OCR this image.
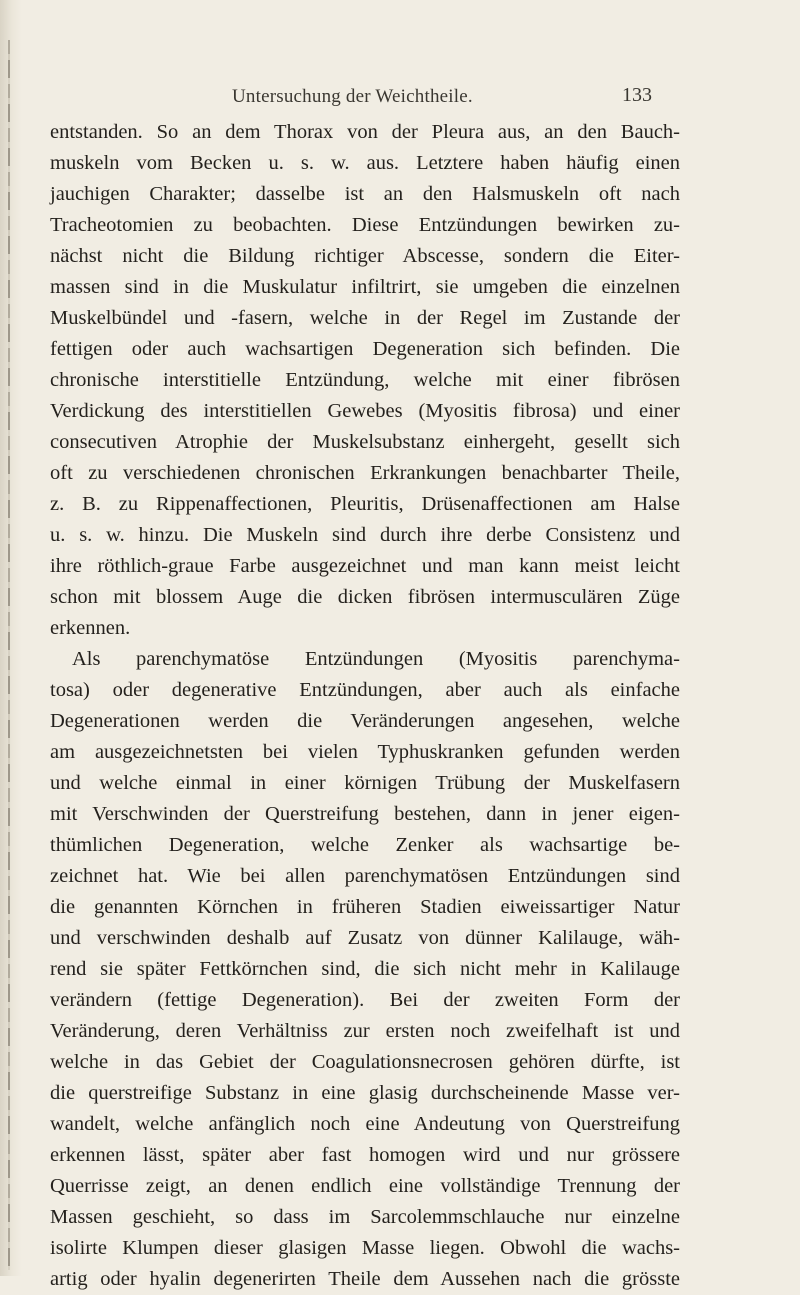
Untersuchung der Weichtheile.	133
entstanden. So an dem Thorax von der Pleura aus, an den Bauch-
muskeln vom Becken u. s. w. aus. Letztere haben häufig einen
jauchigen Charakter; dasselbe ist an den Halsmuskeln oft nach
Tracheotomien zu beobachten. Diese Entzündungen bewirken zu-
nächst nicht die Bildung richtiger Abscesse, sondern die Eiter-
massen sind in die Muskulatur infiltrirt, sie umgeben die einzelnen
Muskelbündel und -fasern, welche in der Regel im Zustande der
fettigen oder auch wachsartigen Degeneration sich befinden. Die
chronische interstitielle Entzündung, welche mit einer fibrösen
Verdickung des interstitiellen Gewebes (Myositis fibrosa) und einer
consecutiven Atrophie der Muskelsubstanz einhergeht, gesellt sich
oft zu verschiedenen chronischen Erkrankungen benachbarter Theile,
z. B. zu Rippenaffectionen, Pleuritis, Drüsenaffectionen am Halse
u. s. w. hinzu. Die Muskeln sind durch ihre derbe Consistenz und
ihre röthlich-graue Farbe ausgezeichnet und man kann meist leicht
schon mit blossem Auge die dicken fibrösen intermusculären Züge
erkennen.
Als parenchymatöse Entzündungen (Myositis parenchyma-
tosa) oder degenerative Entzündungen, aber auch als einfache
Degenerationen werden die Veränderungen angesehen, welche
am ausgezeichnetsten bei vielen Typhuskranken gefunden werden
und welche einmal in einer körnigen Trübung der Muskelfasern
mit Verschwinden der Querstreifung bestehen, dann in jener eigen-
thümlichen Degeneration, welche Zenker als wachsartige be-
zeichnet hat. Wie bei allen parenchymatösen Entzündungen sind
die genannten Körnchen in früheren Stadien eiweissartiger Natur
und verschwinden deshalb auf Zusatz von dünner Kalilauge, wäh-
rend sie später Fettkörnchen sind, die sich nicht mehr in Kalilauge
verändern (fettige Degeneration). Bei der zweiten Form der
Veränderung, deren Verhältniss zur ersten noch zweifelhaft ist und
welche in das Gebiet der Coagulationsnecrosen gehören dürfte, ist
die querstreifige Substanz in eine glasig durchscheinende Masse ver-
wandelt, welche anfänglich noch eine Andeutung von Querstreifung
erkennen lässt, später aber fast homogen wird und nur grössere
Querrisse zeigt, an denen endlich eine vollständige Trennung der
Massen geschieht, so dass im Sarcolemmschlauche nur einzelne
isolirte Klumpen dieser glasigen Masse liegen. Obwohl die wachs-
artig oder hyalin degenerirten Theile dem Aussehen nach die grösste
